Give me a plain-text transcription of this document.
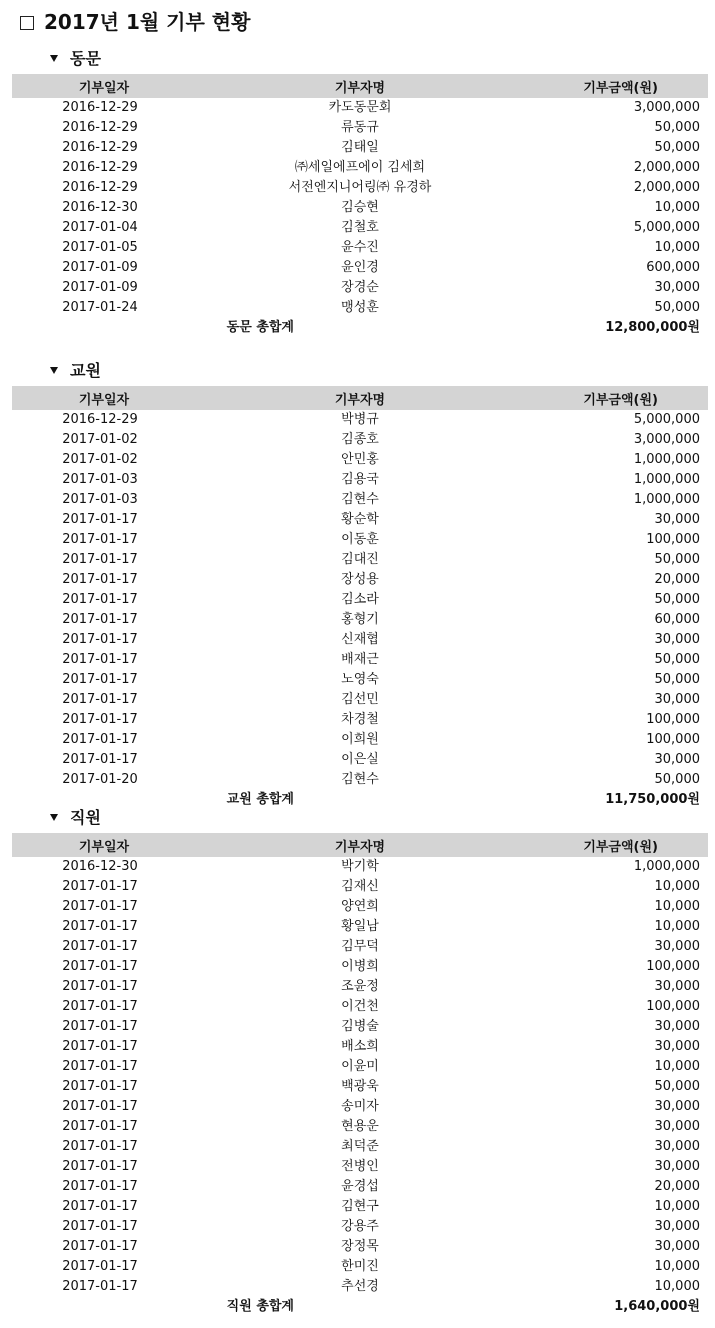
2017년 1월 기부 현황
동문
기부일자	기부자명	기부금액(원)
2016-12-29	카도동문회	3,000,000
2016-12-29	류동규	50,000
2016-12-29	김태일	50,000
2016-12-29	㈜세일에프에이 김세희	2,000,000
2016-12-29	서전엔지니어링㈜ 유경하	2,000,000
2016-12-30	김승현	10,000
2017-01-04	김철호	5,000,000
2017-01-05	윤수진	10,000
2017-01-09	윤인경	600,000
2017-01-09	장경순	30,000
2017-01-24	맹성훈	50,000
동문 총합계		12,800,000원
교원
기부일자	기부자명	기부금액(원)
2016-12-29	박병규	5,000,000
2017-01-02	김종호	3,000,000
2017-01-02	안민홍	1,000,000
2017-01-03	김용국	1,000,000
2017-01-03	김현수	1,000,000
2017-01-17	황순학	30,000
2017-01-17	이동훈	100,000
2017-01-17	김대진	50,000
2017-01-17	장성용	20,000
2017-01-17	김소라	50,000
2017-01-17	홍형기	60,000
2017-01-17	신재협	30,000
2017-01-17	배재근	50,000
2017-01-17	노영숙	50,000
2017-01-17	김선민	30,000
2017-01-17	차경철	100,000
2017-01-17	이희원	100,000
2017-01-17	이은실	30,000
2017-01-20	김현수	50,000
교원 총합계		11,750,000원
직원
기부일자	기부자명	기부금액(원)
2016-12-30	박기학	1,000,000
2017-01-17	김재신	10,000
2017-01-17	양연희	10,000
2017-01-17	황일남	10,000
2017-01-17	김무덕	30,000
2017-01-17	이병희	100,000
2017-01-17	조윤정	30,000
2017-01-17	이건천	100,000
2017-01-17	김병술	30,000
2017-01-17	배소희	30,000
2017-01-17	이윤미	10,000
2017-01-17	백광욱	50,000
2017-01-17	송미자	30,000
2017-01-17	현용운	30,000
2017-01-17	최덕준	30,000
2017-01-17	전병인	30,000
2017-01-17	윤경섭	20,000
2017-01-17	김현구	10,000
2017-01-17	강용주	30,000
2017-01-17	장정목	30,000
2017-01-17	한미진	10,000
2017-01-17	추선경	10,000
직원 총합계		1,640,000원
